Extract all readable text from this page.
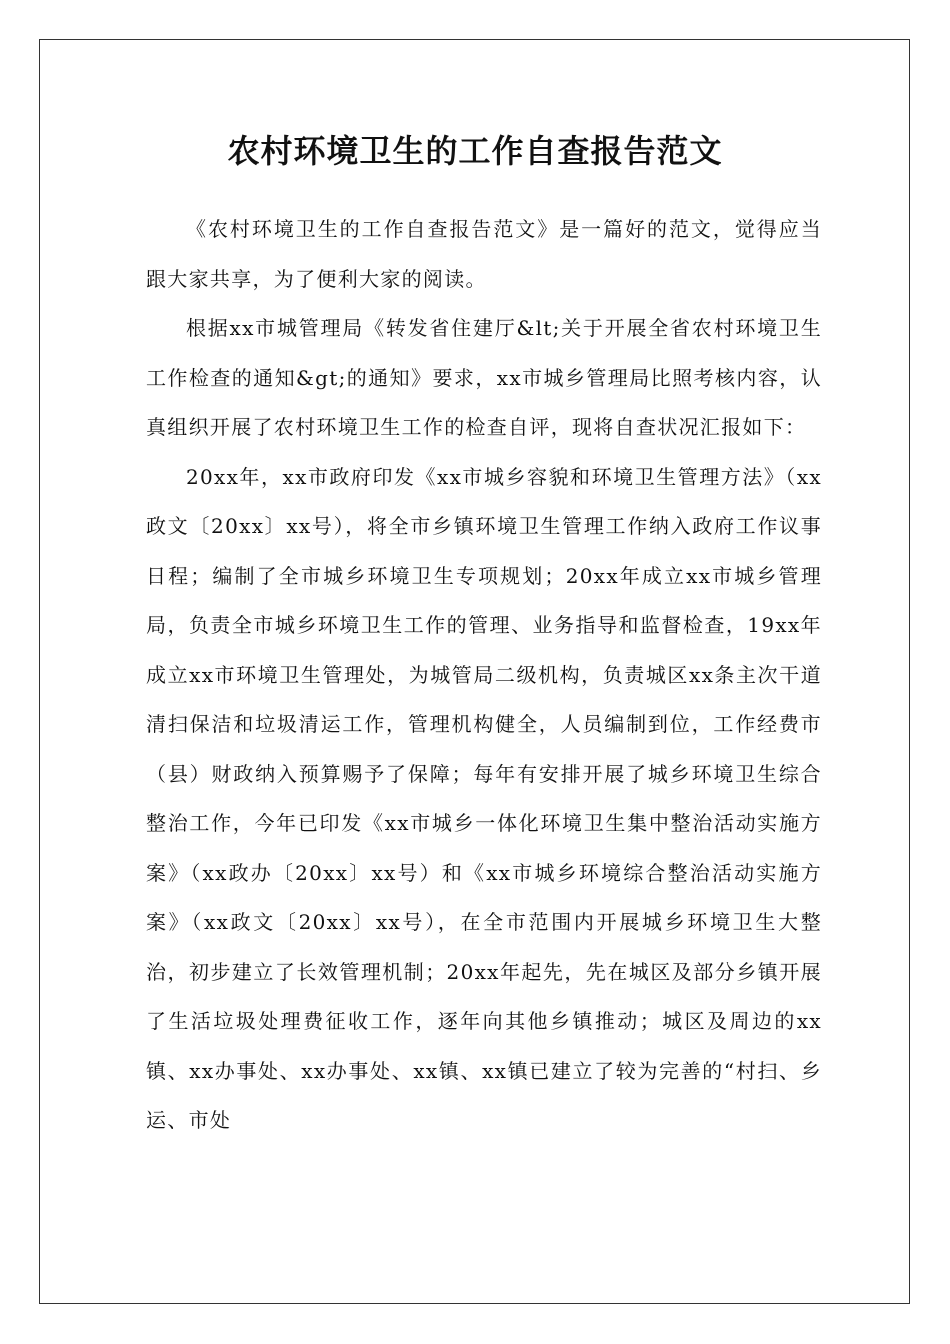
农村环境卫生的工作自查报告范文

《农村环境卫生的工作自查报告范文》是一篇好的范文，觉得应当跟大家共享，为了便利大家的阅读。

根据xx市城管理局《转发省住建厅&lt;关于开展全省农村环境卫生工作检查的通知&gt;的通知》要求，xx市城乡管理局比照考核内容，认真组织开展了农村环境卫生工作的检查自评，现将自查状况汇报如下：

20xx年，xx市政府印发《xx市城乡容貌和环境卫生管理方法》（xx政文〔20xx〕xx号），将全市乡镇环境卫生管理工作纳入政府工作议事日程；编制了全市城乡环境卫生专项规划；20xx年成立xx市城乡管理局，负责全市城乡环境卫生工作的管理、业务指导和监督检查，19xx年成立xx市环境卫生管理处，为城管局二级机构，负责城区xx条主次干道清扫保洁和垃圾清运工作，管理机构健全，人员编制到位，工作经费市（县）财政纳入预算赐予了保障；每年有安排开展了城乡环境卫生综合整治工作，今年已印发《xx市城乡一体化环境卫生集中整治活动实施方案》（xx政办〔20xx〕xx号）和《xx市城乡环境综合整治活动实施方案》（xx政文〔20xx〕xx号），在全市范围内开展城乡环境卫生大整治，初步建立了长效管理机制；20xx年起先，先在城区及部分乡镇开展了生活垃圾处理费征收工作，逐年向其他乡镇推动；城区及周边的xx镇、xx办事处、xx办事处、xx镇、xx镇已建立了较为完善的“村扫、乡运、市处
